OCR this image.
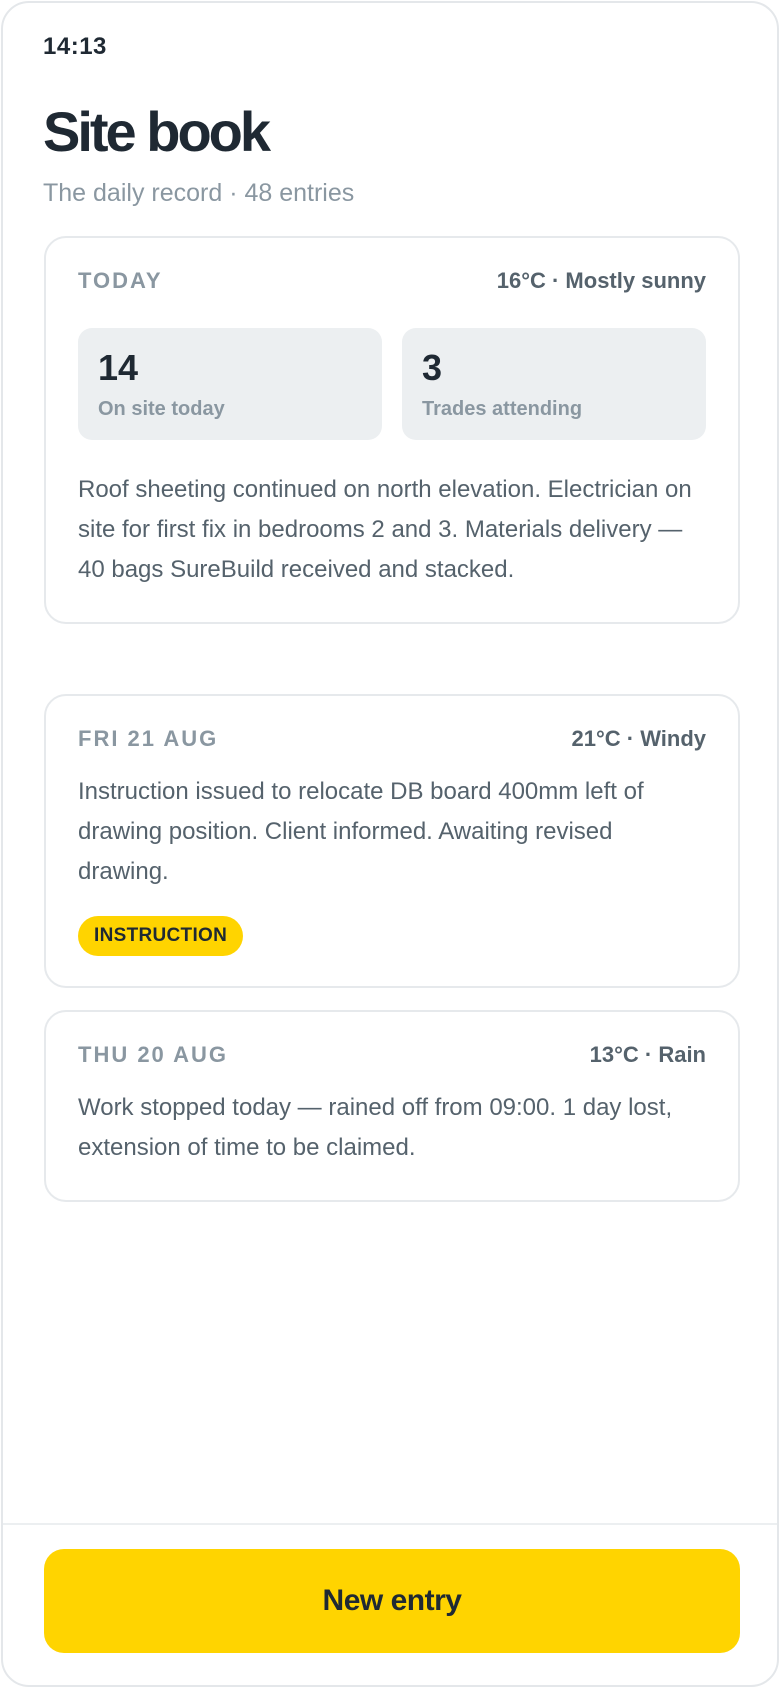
14:13
Site book
The daily record · 48 entries
TODAY	16°C · Mostly sunny
14
On site today
3
Trades attending
Roof sheeting continued on north elevation. Electrician on site for first fix in bedrooms 2 and 3. Materials delivery — 40 bags SureBuild received and stacked.
FRI 21 AUG	21°C · Windy
Instruction issued to relocate DB board 400mm left of drawing position. Client informed. Awaiting revised drawing.
INSTRUCTION
THU 20 AUG	13°C · Rain
Work stopped today — rained off from 09:00. 1 day lost, extension of time to be claimed.
New entry
